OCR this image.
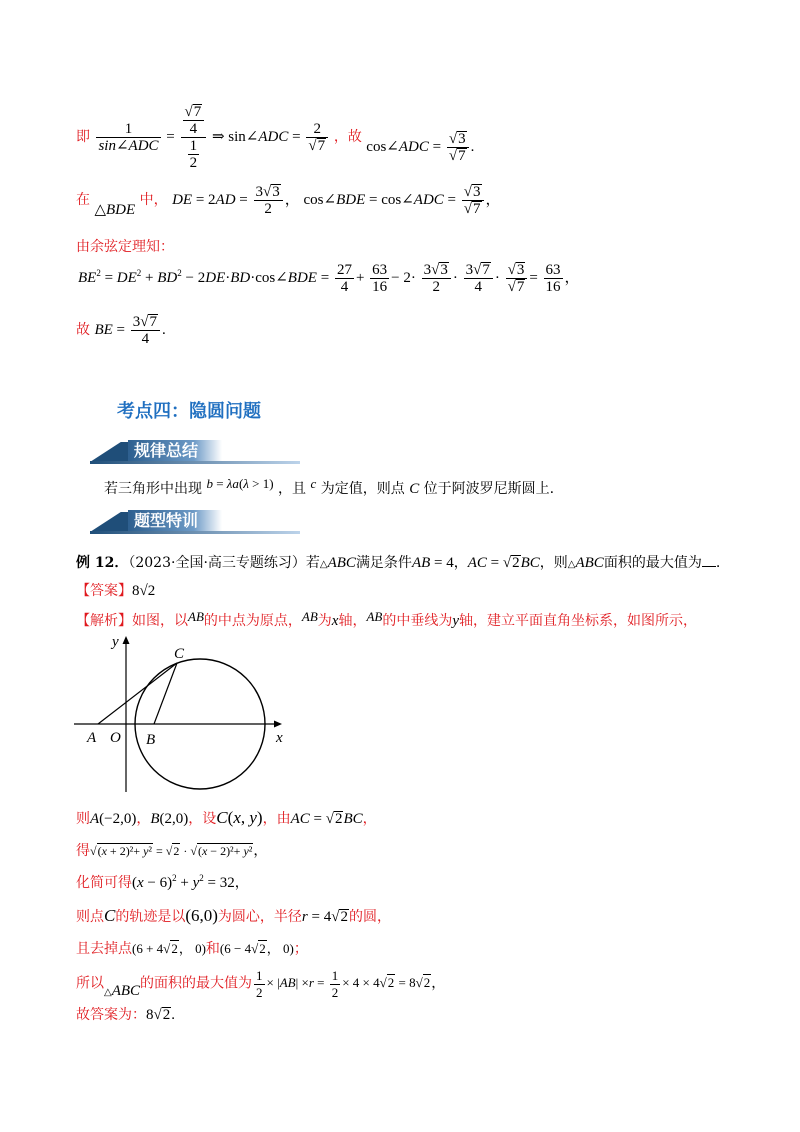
即 $\frac{1}{\text{sin∠ADC}} = \frac{\frac{√7}{4}}{\frac{1}{2}}$ ⇒ sin∠ADC = $\frac{2}{√7}$ ，故 cos∠ADC = $\frac{√3}{√7}$ .
在 △BDE 中， DE = $2AD = \frac{3√3}{2}$ ， cos∠BDE = cos∠ADC = $\frac{√3}{√7}$ ，
由余弦定理知：
$BE^2 = DE^2 + BD^2$ − 2DE·BD·cos∠BDE = $\frac{27}{4} + \frac{63}{16} - 2\cdot \frac{3√3}{2} \cdot \frac{3√7}{4} \cdot \frac{√3}{√7} = \frac{63}{16}$ ，
故 BE = $\frac{3√7}{4}$ .
考点四：隐圆问题
规律总结
若三角形中出现 b = λa(λ > 1) ，且 c 为定值，则点 C 位于阿波罗尼斯圆上.
题型特训
例 12．（2023·全国·高三专题练习）若△ABC满足条件AB = 4，AC = √2BC，则△ABC面积的最大值为 .
【答案】8√2
【解析】如图，以AB的中点为原点，AB为x轴，AB的中垂线为y轴，建立平面直角坐标系，如图所示，
y
x
A O B
C
则A(−2,0)，B(2,0)，设C(x, y)，由AC = √2BC，
得√(x + 2)²+ y² = √2 · √(x − 2)²+ y²，
化简可得$(x - 6)^2 + y^2 = 32$，
则点C的轨迹是以(6,0)为圆心，半径r = 4√2的圆，
且去掉点(6 + 4√2， 0)和(6 − 4√2， 0)；
所以△ABC的面积的最大值为 $\frac{1}{2} \times |AB| \times r = \frac{1}{2} \times 4 \times 4√2 = 8√2$，
故答案为：8√2.
